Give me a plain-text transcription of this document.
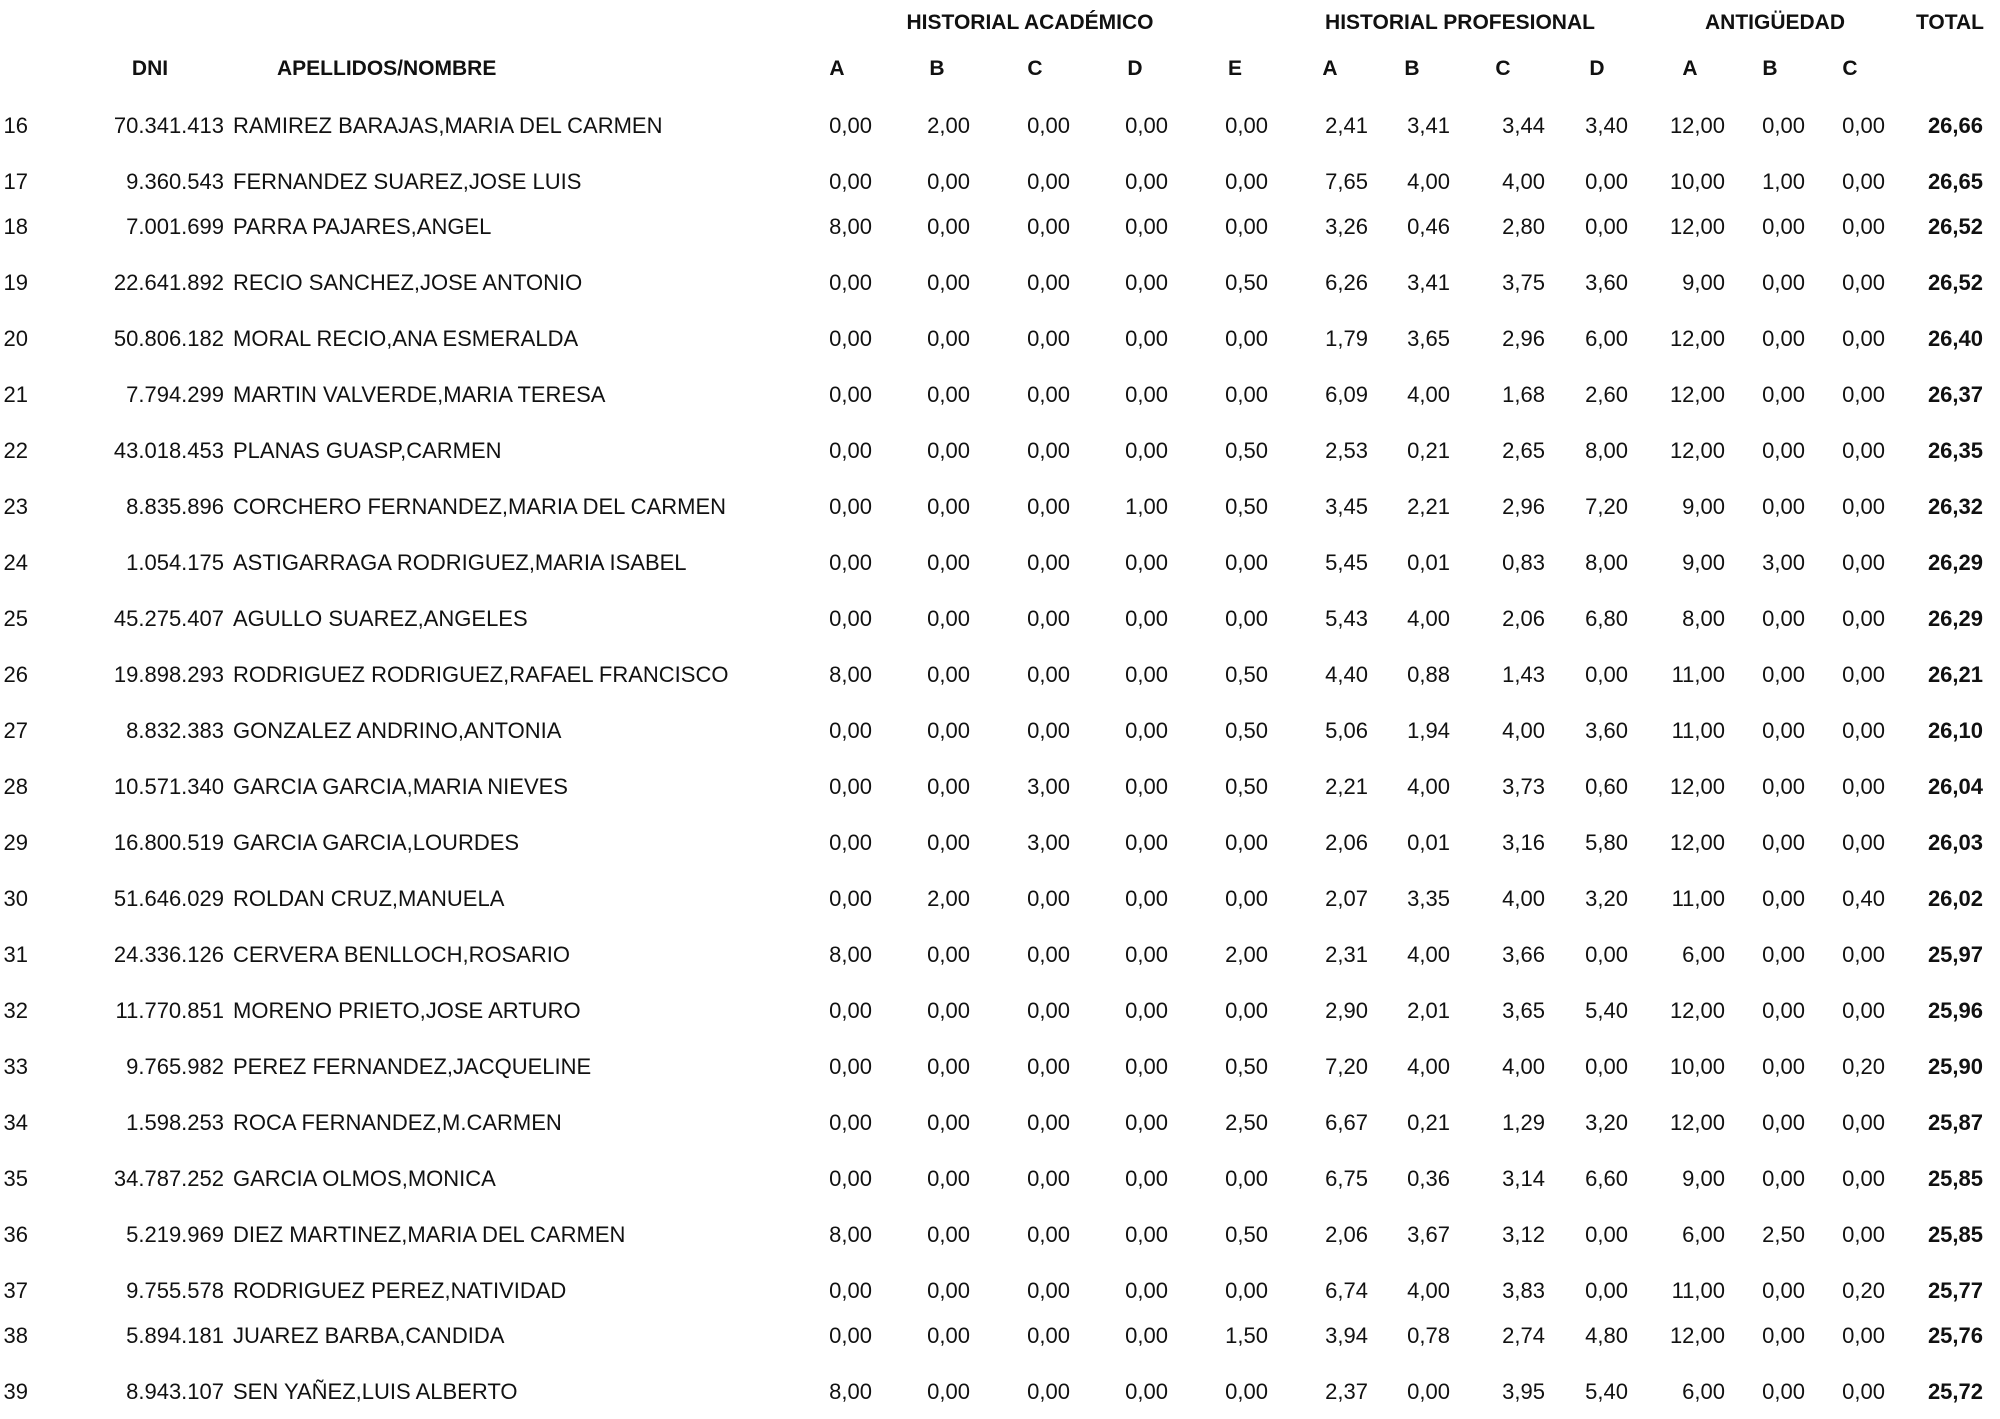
HISTORIAL ACADÉMICO	HISTORIAL PROFESIONAL	ANTIGÜEDAD	TOTAL
DNI	APELLIDOS/NOMBRE	A	B	C	D	E	A	B	C	D	A	B	C
16	70.341.413 RAMIREZ BARAJAS,MARIA DEL CARMEN	0,00	2,00	0,00	0,00	0,00	2,41	3,41	3,44	3,40	12,00	0,00	0,00	26,66
17	9.360.543 FERNANDEZ SUAREZ,JOSE LUIS	0,00	0,00	0,00	0,00	0,00	7,65	4,00	4,00	0,00	10,00	1,00	0,00	26,65
18	7.001.699 PARRA PAJARES,ANGEL	8,00	0,00	0,00	0,00	0,00	3,26	0,46	2,80	0,00	12,00	0,00	0,00	26,52
19	22.641.892 RECIO SANCHEZ,JOSE ANTONIO	0,00	0,00	0,00	0,00	0,50	6,26	3,41	3,75	3,60	9,00	0,00	0,00	26,52
20	50.806.182 MORAL RECIO,ANA ESMERALDA	0,00	0,00	0,00	0,00	0,00	1,79	3,65	2,96	6,00	12,00	0,00	0,00	26,40
21	7.794.299 MARTIN VALVERDE,MARIA TERESA	0,00	0,00	0,00	0,00	0,00	6,09	4,00	1,68	2,60	12,00	0,00	0,00	26,37
22	43.018.453 PLANAS GUASP,CARMEN	0,00	0,00	0,00	0,00	0,50	2,53	0,21	2,65	8,00	12,00	0,00	0,00	26,35
23	8.835.896 CORCHERO FERNANDEZ,MARIA DEL CARMEN	0,00	0,00	0,00	1,00	0,50	3,45	2,21	2,96	7,20	9,00	0,00	0,00	26,32
24	1.054.175 ASTIGARRAGA RODRIGUEZ,MARIA ISABEL	0,00	0,00	0,00	0,00	0,00	5,45	0,01	0,83	8,00	9,00	3,00	0,00	26,29
25	45.275.407 AGULLO SUAREZ,ANGELES	0,00	0,00	0,00	0,00	0,00	5,43	4,00	2,06	6,80	8,00	0,00	0,00	26,29
26	19.898.293 RODRIGUEZ RODRIGUEZ,RAFAEL FRANCISCO	8,00	0,00	0,00	0,00	0,50	4,40	0,88	1,43	0,00	11,00	0,00	0,00	26,21
27	8.832.383 GONZALEZ ANDRINO,ANTONIA	0,00	0,00	0,00	0,00	0,50	5,06	1,94	4,00	3,60	11,00	0,00	0,00	26,10
28	10.571.340 GARCIA GARCIA,MARIA NIEVES	0,00	0,00	3,00	0,00	0,50	2,21	4,00	3,73	0,60	12,00	0,00	0,00	26,04
29	16.800.519 GARCIA GARCIA,LOURDES	0,00	0,00	3,00	0,00	0,00	2,06	0,01	3,16	5,80	12,00	0,00	0,00	26,03
30	51.646.029 ROLDAN CRUZ,MANUELA	0,00	2,00	0,00	0,00	0,00	2,07	3,35	4,00	3,20	11,00	0,00	0,40	26,02
31	24.336.126 CERVERA BENLLOCH,ROSARIO	8,00	0,00	0,00	0,00	2,00	2,31	4,00	3,66	0,00	6,00	0,00	0,00	25,97
32	11.770.851 MORENO PRIETO,JOSE ARTURO	0,00	0,00	0,00	0,00	0,00	2,90	2,01	3,65	5,40	12,00	0,00	0,00	25,96
33	9.765.982 PEREZ FERNANDEZ,JACQUELINE	0,00	0,00	0,00	0,00	0,50	7,20	4,00	4,00	0,00	10,00	0,00	0,20	25,90
34	1.598.253 ROCA FERNANDEZ,M.CARMEN	0,00	0,00	0,00	0,00	2,50	6,67	0,21	1,29	3,20	12,00	0,00	0,00	25,87
35	34.787.252 GARCIA OLMOS,MONICA	0,00	0,00	0,00	0,00	0,00	6,75	0,36	3,14	6,60	9,00	0,00	0,00	25,85
36	5.219.969 DIEZ MARTINEZ,MARIA DEL CARMEN	8,00	0,00	0,00	0,00	0,50	2,06	3,67	3,12	0,00	6,00	2,50	0,00	25,85
37	9.755.578 RODRIGUEZ PEREZ,NATIVIDAD	0,00	0,00	0,00	0,00	0,00	6,74	4,00	3,83	0,00	11,00	0,00	0,20	25,77
38	5.894.181 JUAREZ BARBA,CANDIDA	0,00	0,00	0,00	0,00	1,50	3,94	0,78	2,74	4,80	12,00	0,00	0,00	25,76
39	8.943.107 SEN YAÑEZ,LUIS ALBERTO	8,00	0,00	0,00	0,00	0,00	2,37	0,00	3,95	5,40	6,00	0,00	0,00	25,72
